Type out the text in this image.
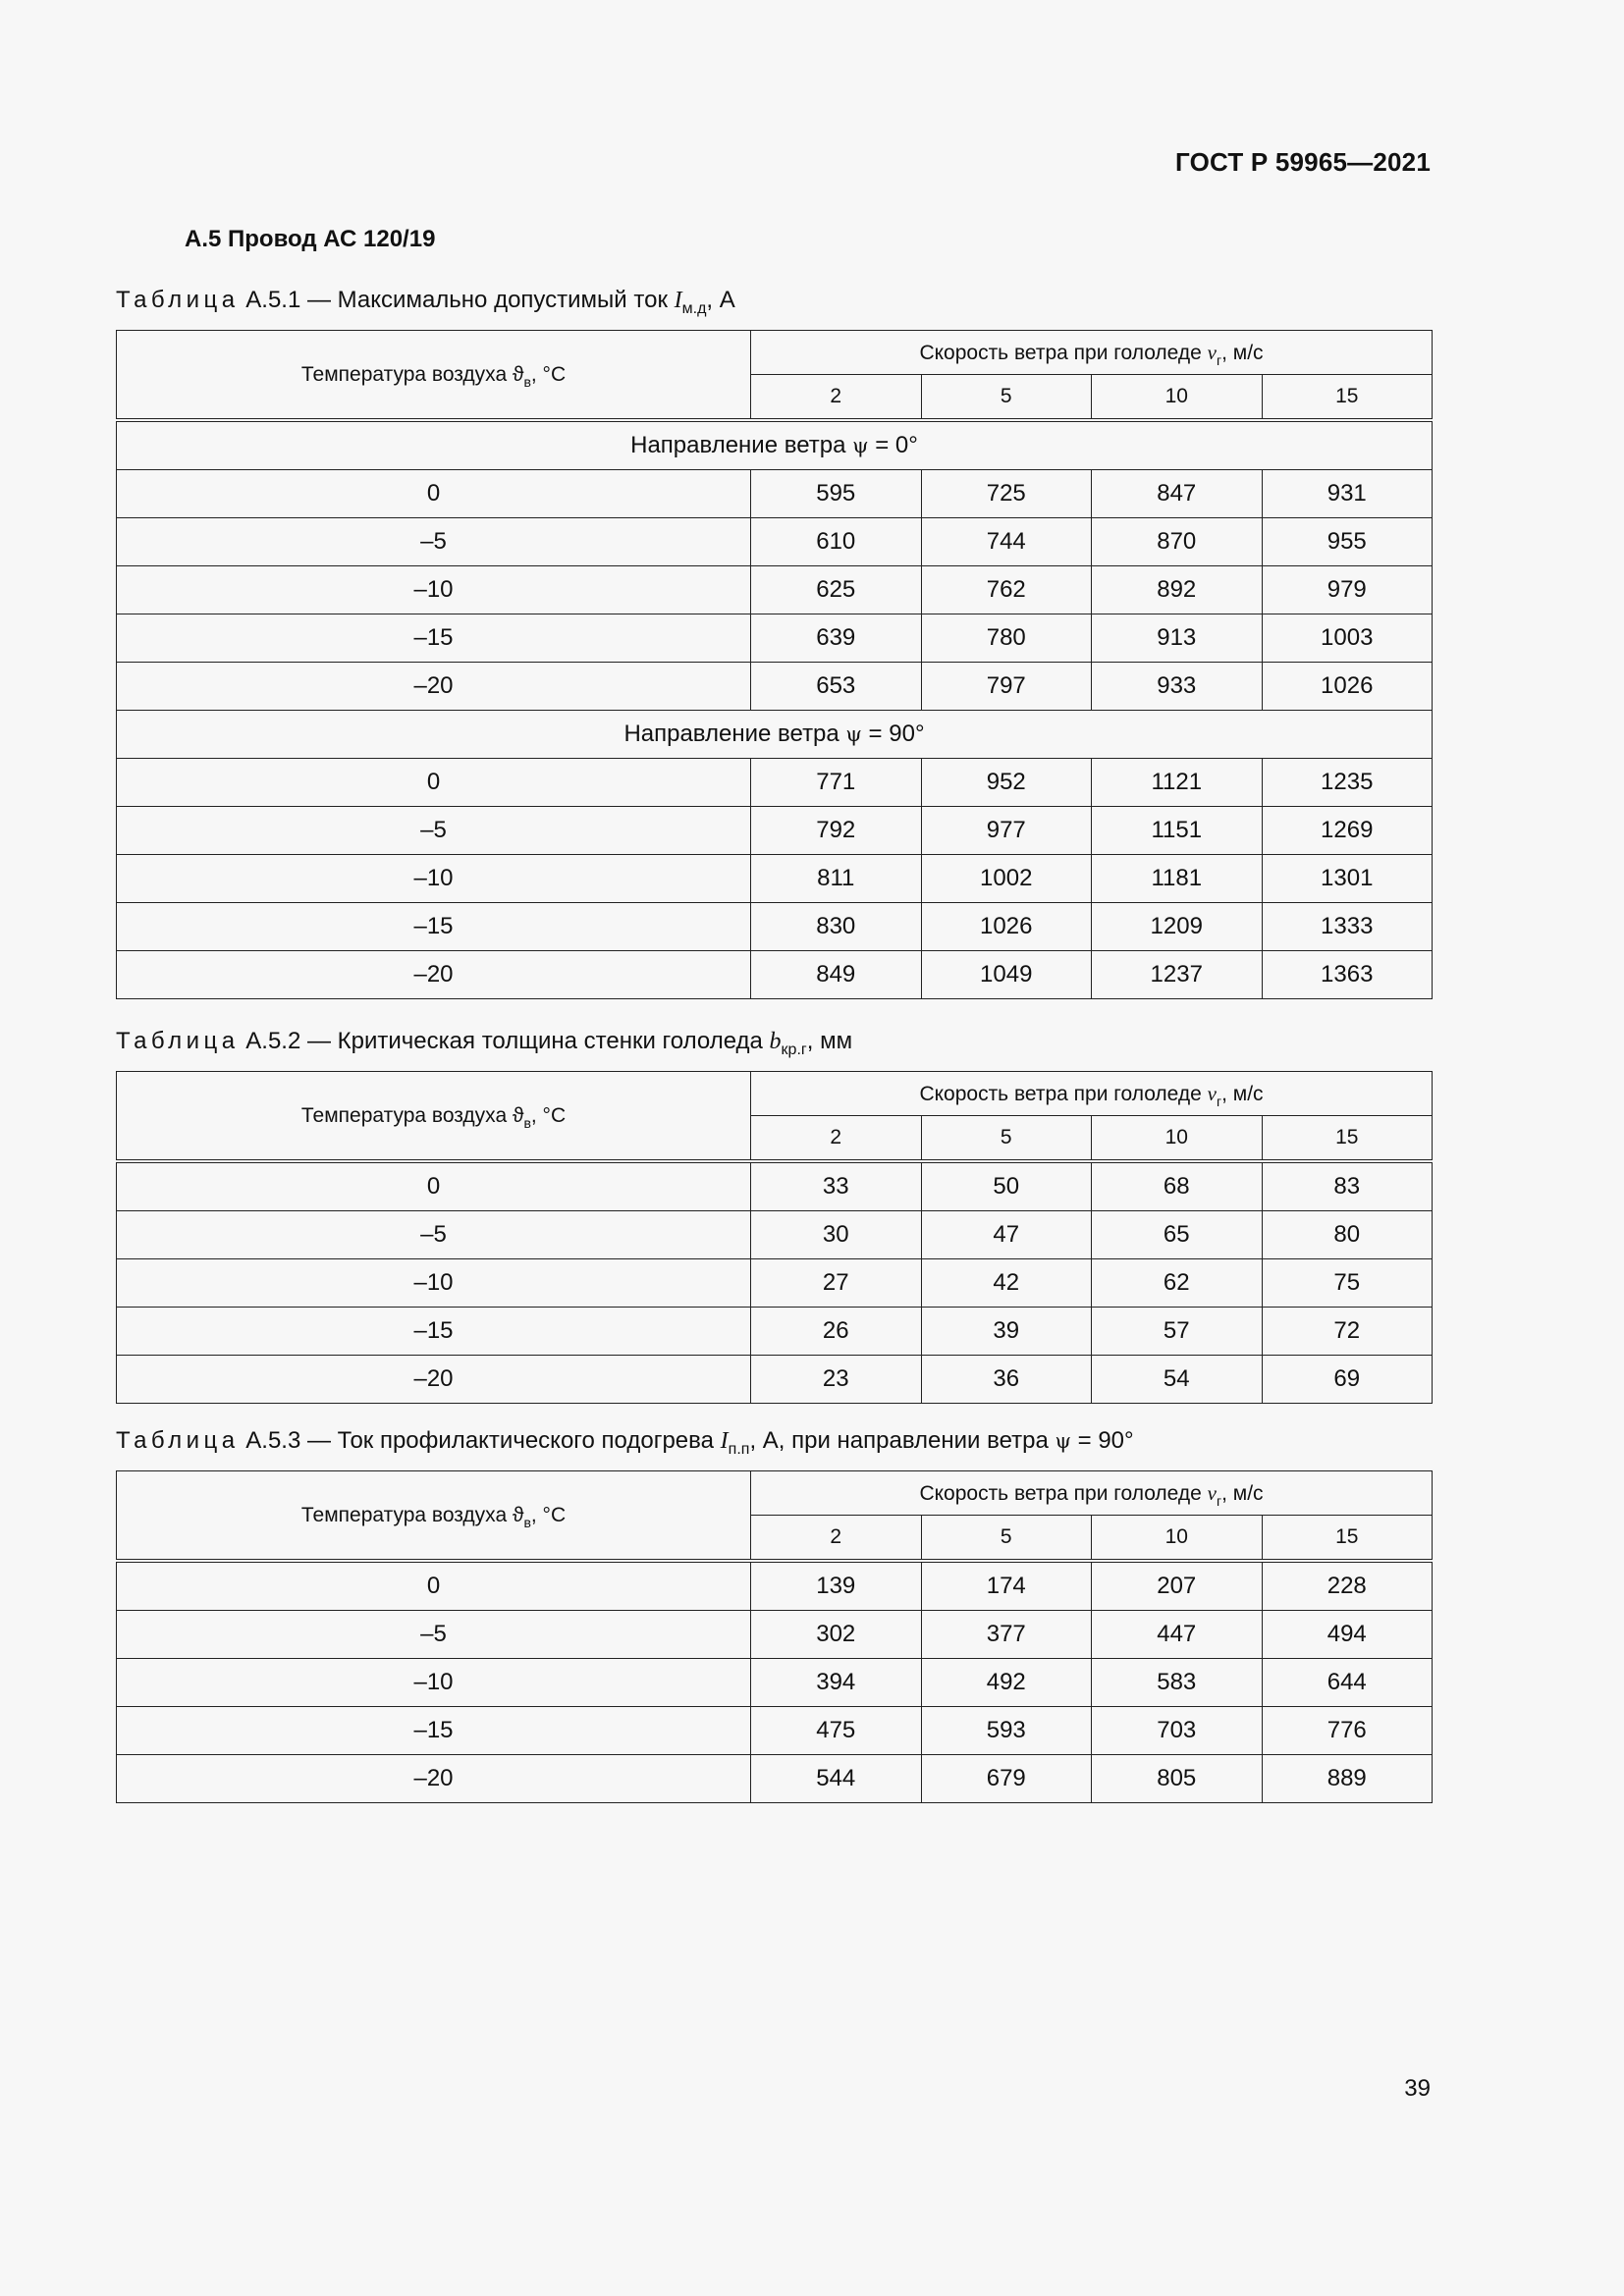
ГОСТ Р 59965—2021
А.5 Провод АС 120/19
Таблица А.5.1 — Максимально допустимый ток $I_{м.д}$, А
Температура воздуха $ϑ_в$, °С	Скорость ветра при гололеде $v_г$, м/с			
	2	5	10	15
Направление ветра ψ = 0°				
0	595	725	847	931
–5	610	744	870	955
–10	625	762	892	979
–15	639	780	913	1003
–20	653	797	933	1026
Направление ветра ψ = 90°				
0	771	952	1121	1235
–5	792	977	1151	1269
–10	811	1002	1181	1301
–15	830	1026	1209	1333
–20	849	1049	1237	1363
Таблица А.5.2 — Критическая толщина стенки гололеда $b_{кр.г}$, мм
Температура воздуха $ϑ_в$, °С	Скорость ветра при гололеде $v_г$, м/с			
	2	5	10	15
0	33	50	68	83
–5	30	47	65	80
–10	27	42	62	75
–15	26	39	57	72
–20	23	36	54	69
Таблица А.5.3 — Ток профилактического подогрева $I_{п.п}$, А, при направлении ветра ψ = 90°
Температура воздуха $ϑ_в$, °С	Скорость ветра при гололеде $v_г$, м/с			
	2	5	10	15
0	139	174	207	228
–5	302	377	447	494
–10	394	492	583	644
–15	475	593	703	776
–20	544	679	805	889
39
